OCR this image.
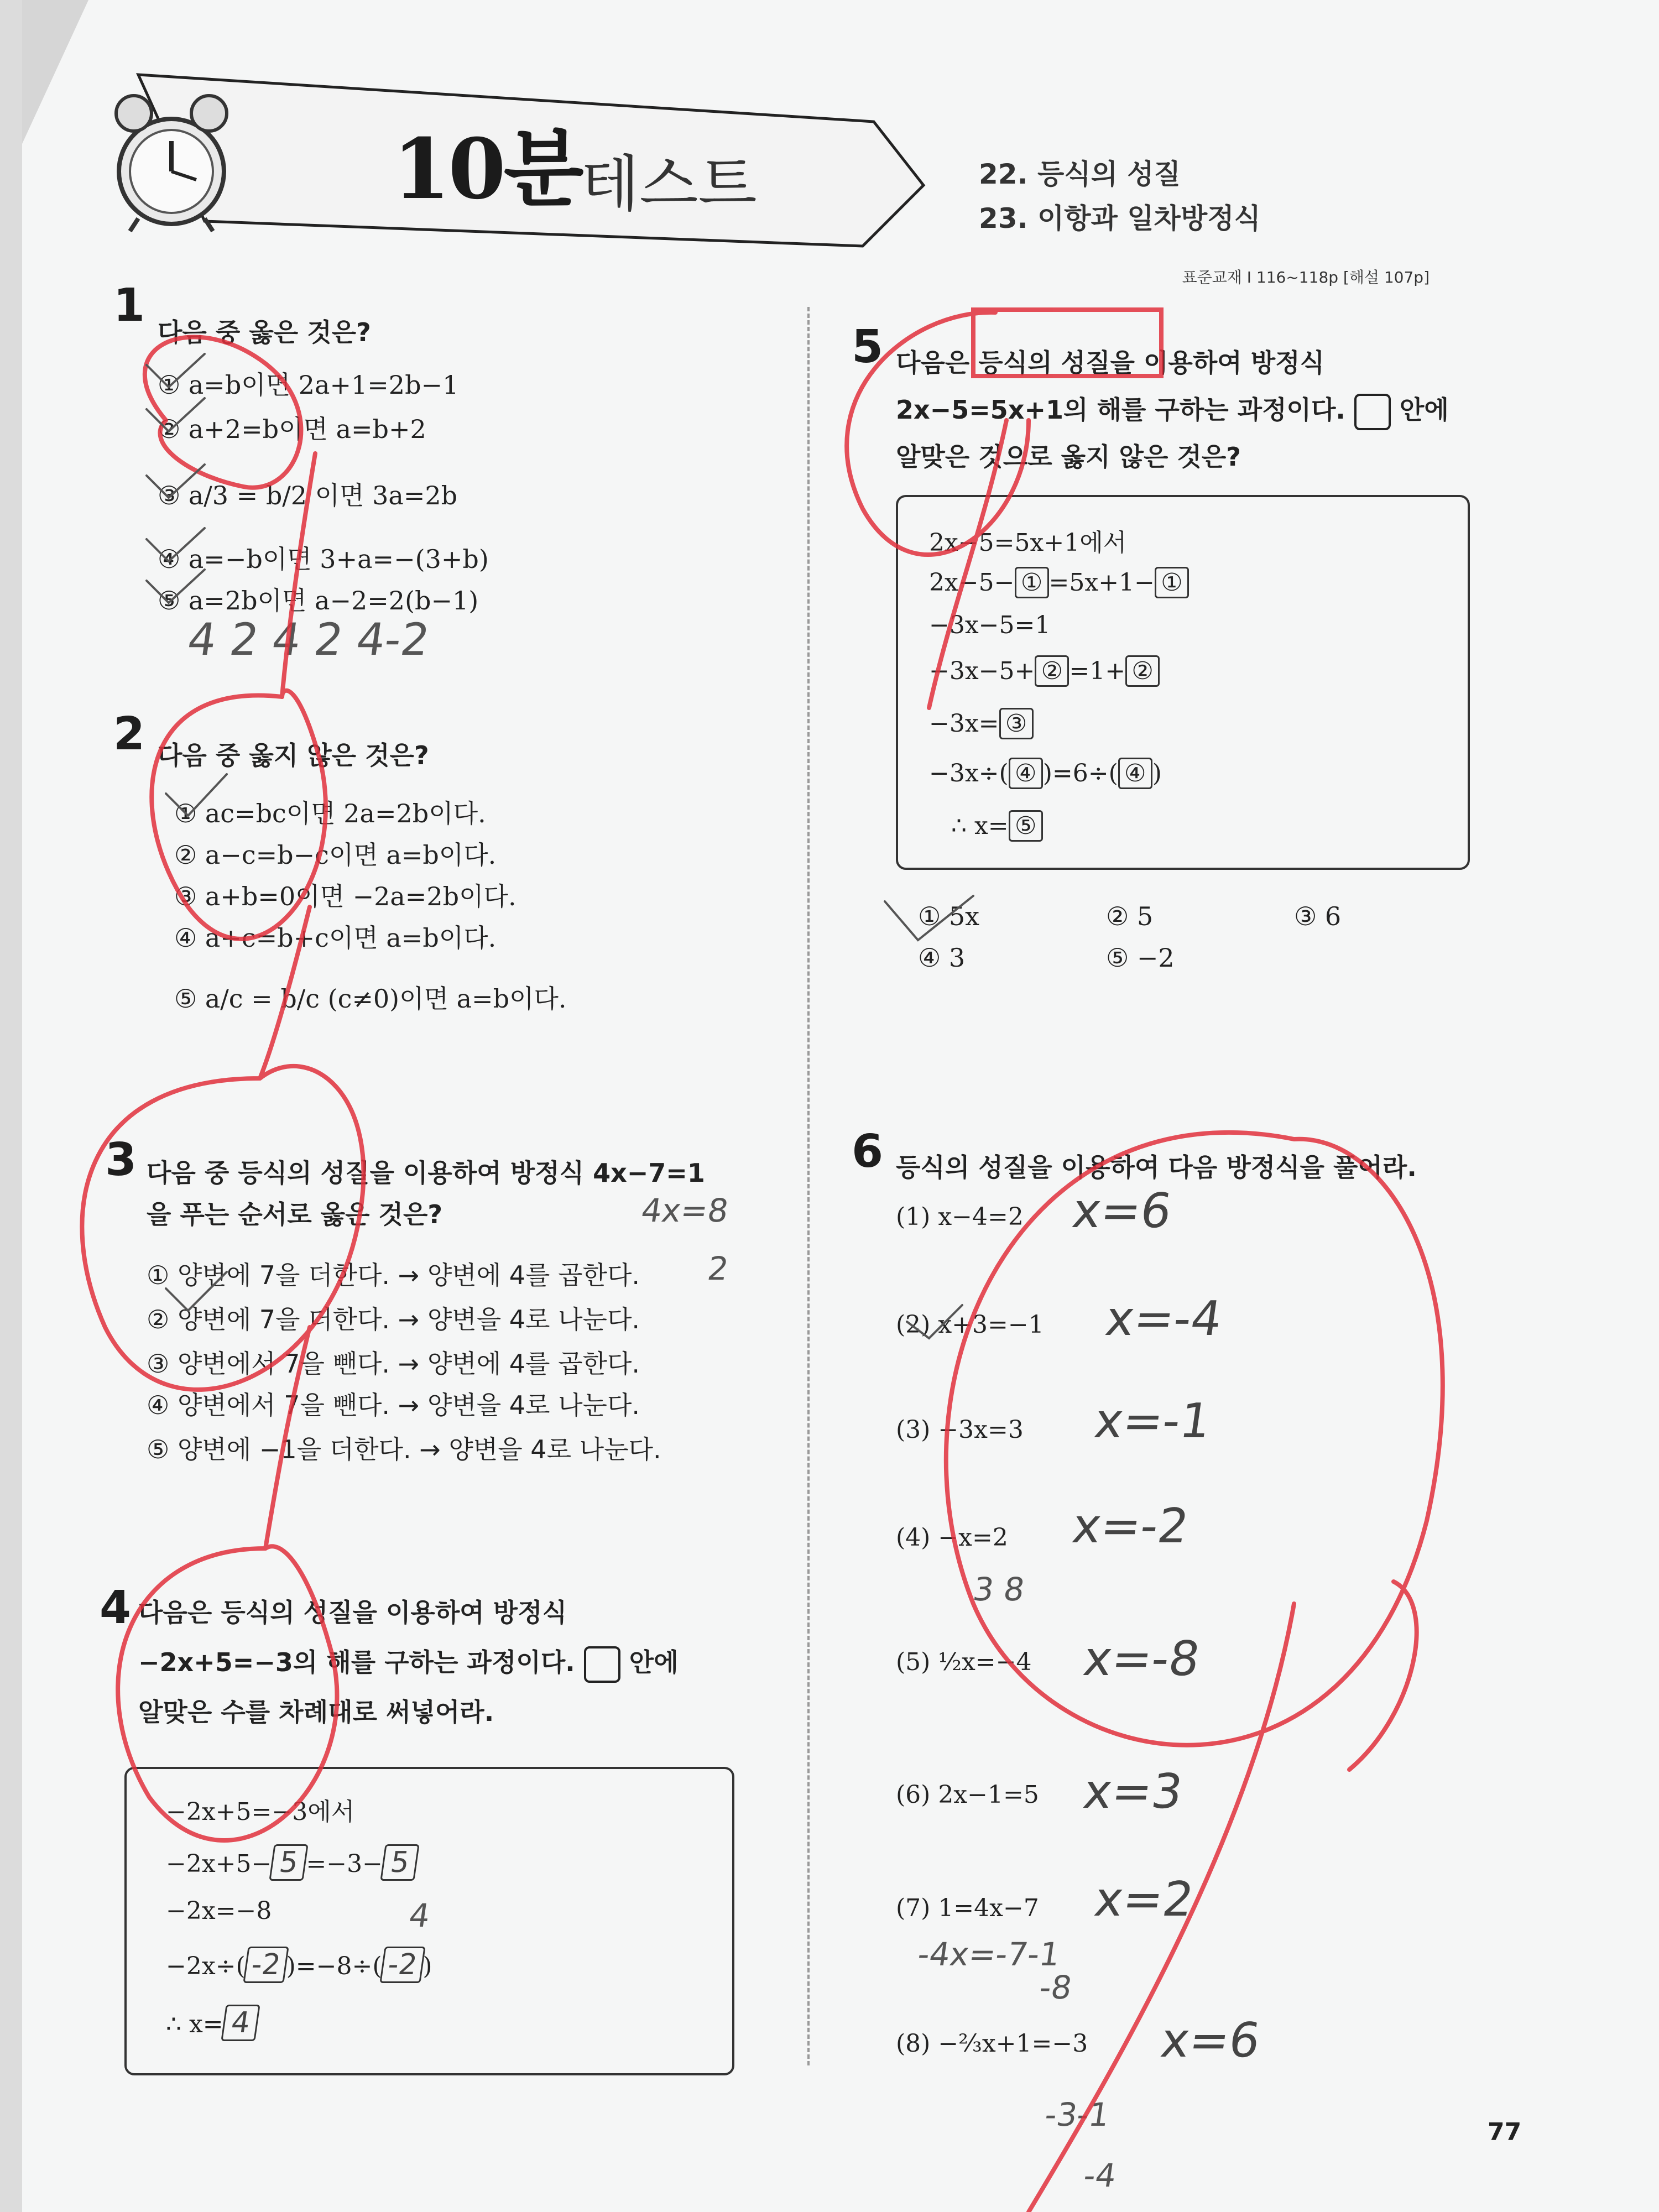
10분
테스트	22. 등식의 성질
23. 이항과 일차방정식
표준교재 I 116~118p [해설 107p]
1
다음 중 옳은 것은?
① a=b이면 2a+1=2b−1
② a+2=b이면 a=b+2
③ a/3 = b/2 이면 3a=2b
④ a=−b이면 3+a=−(3+b)
⑤ a=2b이면 a−2=2(b−1)
4 2 4 2 4-2
2 다음 중 옳지 않은 것은?
① ac=bc이면 2a=2b이다.
② a−c=b−c이면 a=b이다.
③ a+b=0이면 −2a=2b이다.
④ a+c=b+c이면 a=b이다.
⑤ a/c = b/c (c≠0)이면 a=b이다.
3 다음 중 등식의 성질을 이용하여 방정식 4x−7=1
을 푸는 순서로 옳은 것은?
① 양변에 7을 더한다. → 양변에 4를 곱한다.
② 양변에 7을 더한다. → 양변을 4로 나눈다.
③ 양변에서 7을 뺀다. → 양변에 4를 곱한다.
④ 양변에서 7을 뺀다. → 양변을 4로 나눈다.
⑤ 양변에 −1을 더한다. → 양변을 4로 나눈다.
4x=8
2
4 다음은 등식의 성질을 이용하여 방정식
−2x+5=−3의 해를 구하는 과정이다. 안에
알맞은 수를 차례대로 써넣어라.
−2x+5=−3에서
−2x+5− 5 =−3− 5
−2x=−8
−2x÷( -2 )=−8÷( -2 )
∴ x= 4
4
5 다음은 등식의 성질을 이용하여 방정식
2x−5=5x+1의 해를 구하는 과정이다. 안에
알맞은 것으로 옳지 않은 것은?
2x−5=5x+1에서
2x−5− ① =5x+1− ①
−3x−5=1
−3x−5+ ② =1+ ②
−3x= ③
−3x÷( ④ )=6÷( ④ )
∴ x= ⑤
① 5x	② 5	③ 6
④ 3	⑤ −2
6 등식의 성질을 이용하여 다음 방정식을 풀어라.
(1) x−4=2 x=6
(2) x+3=−1 x=-4
(3) −3x=3 x=-1
(4) −x=2 x=-2
(5) ½x=−4 x=-8
3 8
(6) 2x−1=5 x=3
(7) 1=4x−7 x=2
-4x=-7-1
-8
(8) −⅔x+1=−3 x=6
-3-1
-4
77
